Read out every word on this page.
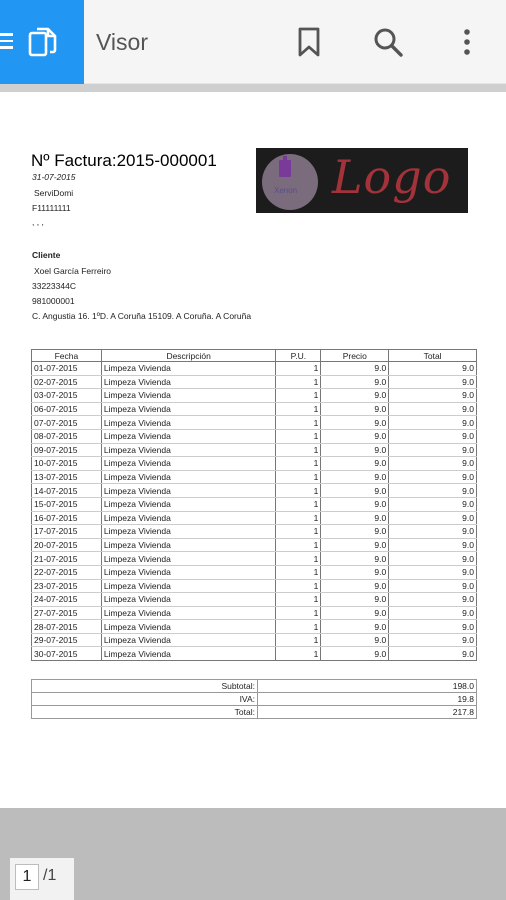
Visor
Nº Factura:2015-000001
31-07-2015
ServiDomi
F11111111
, , ,
Xenon Logo
Cliente
Xoel García Ferreiro
33223344C
981000001
C. Angustia 16. 1ºD. A Coruña 15109. A Coruña. A Coruña
Fecha	Descripción	P.U.	Precio	Total
01-07-2015	Limpeza Vivienda	1	9.0	9.0
02-07-2015	Limpeza Vivienda	1	9.0	9.0
03-07-2015	Limpeza Vivienda	1	9.0	9.0
06-07-2015	Limpeza Vivienda	1	9.0	9.0
07-07-2015	Limpeza Vivienda	1	9.0	9.0
08-07-2015	Limpeza Vivienda	1	9.0	9.0
09-07-2015	Limpeza Vivienda	1	9.0	9.0
10-07-2015	Limpeza Vivienda	1	9.0	9.0
13-07-2015	Limpeza Vivienda	1	9.0	9.0
14-07-2015	Limpeza Vivienda	1	9.0	9.0
15-07-2015	Limpeza Vivienda	1	9.0	9.0
16-07-2015	Limpeza Vivienda	1	9.0	9.0
17-07-2015	Limpeza Vivienda	1	9.0	9.0
20-07-2015	Limpeza Vivienda	1	9.0	9.0
21-07-2015	Limpeza Vivienda	1	9.0	9.0
22-07-2015	Limpeza Vivienda	1	9.0	9.0
23-07-2015	Limpeza Vivienda	1	9.0	9.0
24-07-2015	Limpeza Vivienda	1	9.0	9.0
27-07-2015	Limpeza Vivienda	1	9.0	9.0
28-07-2015	Limpeza Vivienda	1	9.0	9.0
29-07-2015	Limpeza Vivienda	1	9.0	9.0
30-07-2015	Limpeza Vivienda	1	9.0	9.0
Subtotal:	198.0
IVA:	19.8
Total:	217.8
1 /1
